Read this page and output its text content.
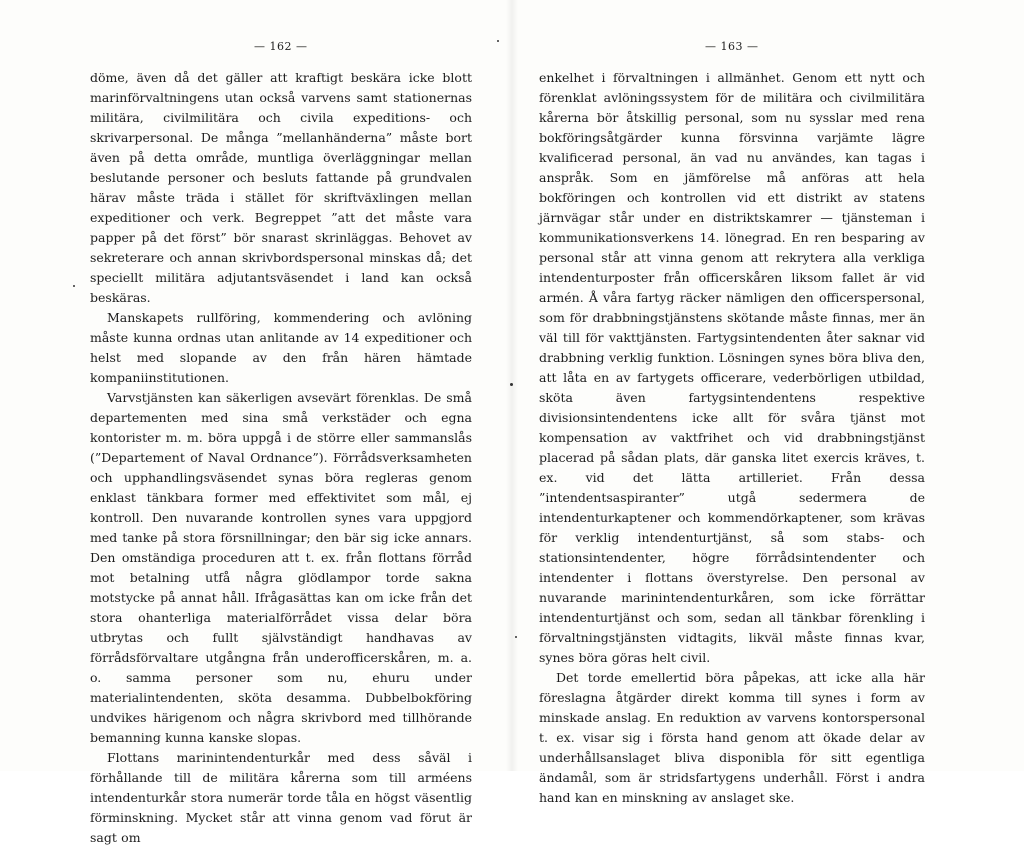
— 162 —

döme, även då det gäller att kraftigt beskära icke blott marinförvaltningens utan också varvens samt stationernas militära, civilmilitära och civila expeditions- och skrivarpersonal. De många ”mellanhänderna” måste bort även på detta område, muntliga överläggningar mellan beslutande personer och besluts fattande på grundvalen härav måste träda i stället för skriftväxlingen mellan expeditioner och verk. Begreppet ”att det måste vara papper på det först” bör snarast skrinläggas. Behovet av sekreterare och annan skrivbordspersonal minskas då; det speciellt militära adjutantsväsendet i land kan också beskäras.

Manskapets rullföring, kommendering och avlöning måste kunna ordnas utan anlitande av 14 expeditioner och helst med slopande av den från hären hämtade kompaniinstitutionen.

Varvstjänsten kan säkerligen avsevärt förenklas. De små departementen med sina små verkstäder och egna kontorister m. m. böra uppgå i de större eller sammanslås (”Departement of Naval Ordnance”). Förrådsverksamheten och upphandlingsväsendet synas böra regleras genom enklast tänkbara former med effektivitet som mål, ej kontroll. Den nuvarande kontrollen synes vara uppgjord med tanke på stora försnillningar; den bär sig icke annars. Den omständiga proceduren att t. ex. från flottans förråd mot betalning utfå några glödlampor torde sakna motstycke på annat håll. Ifrågasättas kan om icke från det stora ohanterliga materialförrådet vissa delar böra utbrytas och fullt självständigt handhavas av förrådsförvaltare utgångna från underofficerskåren, m. a. o. samma personer som nu, ehuru under materialintendenten, sköta desamma. Dubbelbokföring undvikes härigenom och några skrivbord med tillhörande bemanning kunna kanske slopas.

Flottans marinintendenturkår med dess såväl i förhållande till de militära kårerna som till arméens intendenturkår stora numerär torde tåla en högst väsentlig förminskning. Mycket står att vinna genom vad förut är sagt om

— 163 —

enkelhet i förvaltningen i allmänhet. Genom ett nytt och förenklat avlöningssystem för de militära och civilmilitära kårerna bör åtskillig personal, som nu sysslar med rena bokföringsåtgärder kunna försvinna varjämte lägre kvalificerad personal, än vad nu användes, kan tagas i anspråk. Som en jämförelse må anföras att hela bokföringen och kontrollen vid ett distrikt av statens järnvägar står under en distriktskamrer — tjänsteman i kommunikationsverkens 14. lönegrad. En ren besparing av personal står att vinna genom att rekrytera alla verkliga intendenturposter från officerskåren liksom fallet är vid armén. Å våra fartyg räcker nämligen den officerspersonal, som för drabbningstjänstens skötande måste finnas, mer än väl till för vakttjänsten. Fartygsintendenten åter saknar vid drabbning verklig funktion. Lösningen synes böra bliva den, att låta en av fartygets officerare, vederbörligen utbildad, sköta även fartygsintendentens respektive divisionsintendentens icke allt för svåra tjänst mot kompensation av vaktfrihet och vid drabbningstjänst placerad på sådan plats, där ganska litet exercis kräves, t. ex. vid det lätta artilleriet. Från dessa ”intendentsaspiranter” utgå sedermera de intendenturkaptener och kommendörkaptener, som krävas för verklig intendenturtjänst, så som stabs- och stationsintendenter, högre förrådsintendenter och intendenter i flottans överstyrelse. Den personal av nuvarande marinintendenturkåren, som icke förrättar intendenturtjänst och som, sedan all tänkbar förenkling i förvaltningstjänsten vidtagits, likväl måste finnas kvar, synes böra göras helt civil.

Det torde emellertid böra påpekas, att icke alla här föreslagna åtgärder direkt komma till synes i form av minskade anslag. En reduktion av varvens kontorspersonal t. ex. visar sig i första hand genom att ökade delar av underhållsanslaget bliva disponibla för sitt egentliga ändamål, som är stridsfartygens underhåll. Först i andra hand kan en minskning av anslaget ske.
